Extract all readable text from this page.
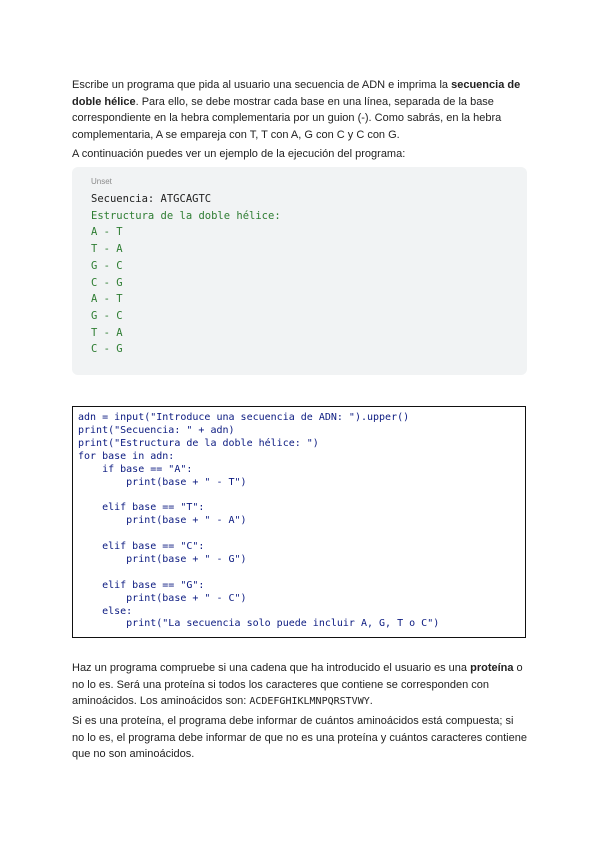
Escribe un programa que pida al usuario una secuencia de ADN e imprima la secuencia de doble hélice. Para ello, se debe mostrar cada base en una línea, separada de la base correspondiente en la hebra complementaria por un guion (-). Como sabrás, en la hebra complementaria, A se empareja con T, T con A, G con C y C con G.

A continuación puedes ver un ejemplo de la ejecución del programa:

Unset
Secuencia: ATGCAGTC
Estructura de la doble hélice:
A - T
T - A
G - C
C - G
A - T
G - C
T - A
C - G
adn = input("Introduce una secuencia de ADN: ").upper()
print("Secuencia: " + adn)
print("Estructura de la doble hélice: ")
for base in adn:
if base == "A":
print(base + " - T")
elif base == "T":
print(base + " - A")
elif base == "C":
print(base + " - G")
elif base == "G":
print(base + " - C")
else:
print("La secuencia solo puede incluir A, G, T o C")

Haz un programa compruebe si una cadena que ha introducido el usuario es una proteína o no lo es. Será una proteína si todos los caracteres que contiene se corresponden con aminoácidos. Los aminoácidos son: ACDEFGHIKLMNPQRSTVWY.

Si es una proteína, el programa debe informar de cuántos aminoácidos está compuesta; si no lo es, el programa debe informar de que no es una proteína y cuántos caracteres contiene que no son aminoácidos.
